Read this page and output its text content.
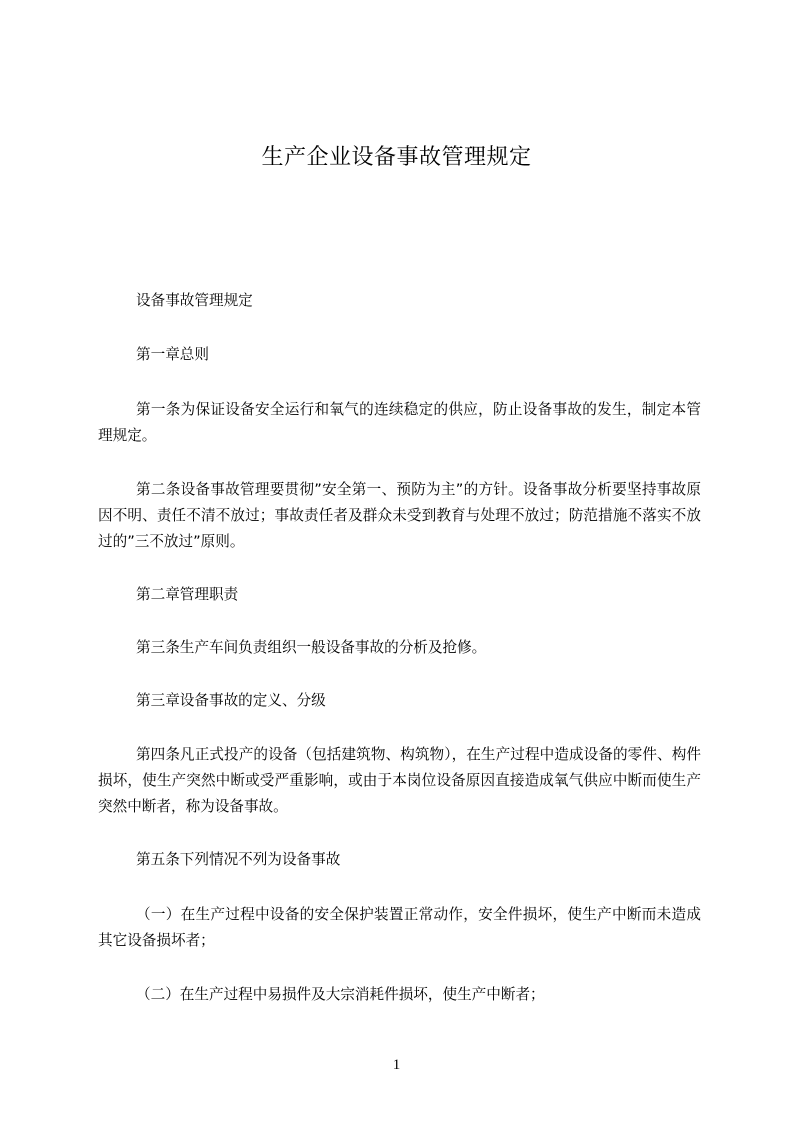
生产企业设备事故管理规定

设备事故管理规定

第一章总则

第一条为保证设备安全运行和氧气的连续稳定的供应，防止设备事故的发生，制定本管理规定。

第二条设备事故管理要贯彻”安全第一、预防为主”的方针。设备事故分析要坚持事故原因不明、责任不清不放过；事故责任者及群众未受到教育与处理不放过；防范措施不落实不放过的”三不放过”原则。

第二章管理职责

第三条生产车间负责组织一般设备事故的分析及抢修。

第三章设备事故的定义、分级

第四条凡正式投产的设备（包括建筑物、构筑物），在生产过程中造成设备的零件、构件损坏，使生产突然中断或受严重影响，或由于本岗位设备原因直接造成氧气供应中断而使生产突然中断者，称为设备事故。

第五条下列情况不列为设备事故

（一）在生产过程中设备的安全保护装置正常动作，安全件损坏，使生产中断而未造成其它设备损坏者；

（二）在生产过程中易损件及大宗消耗件损坏，使生产中断者；

1
